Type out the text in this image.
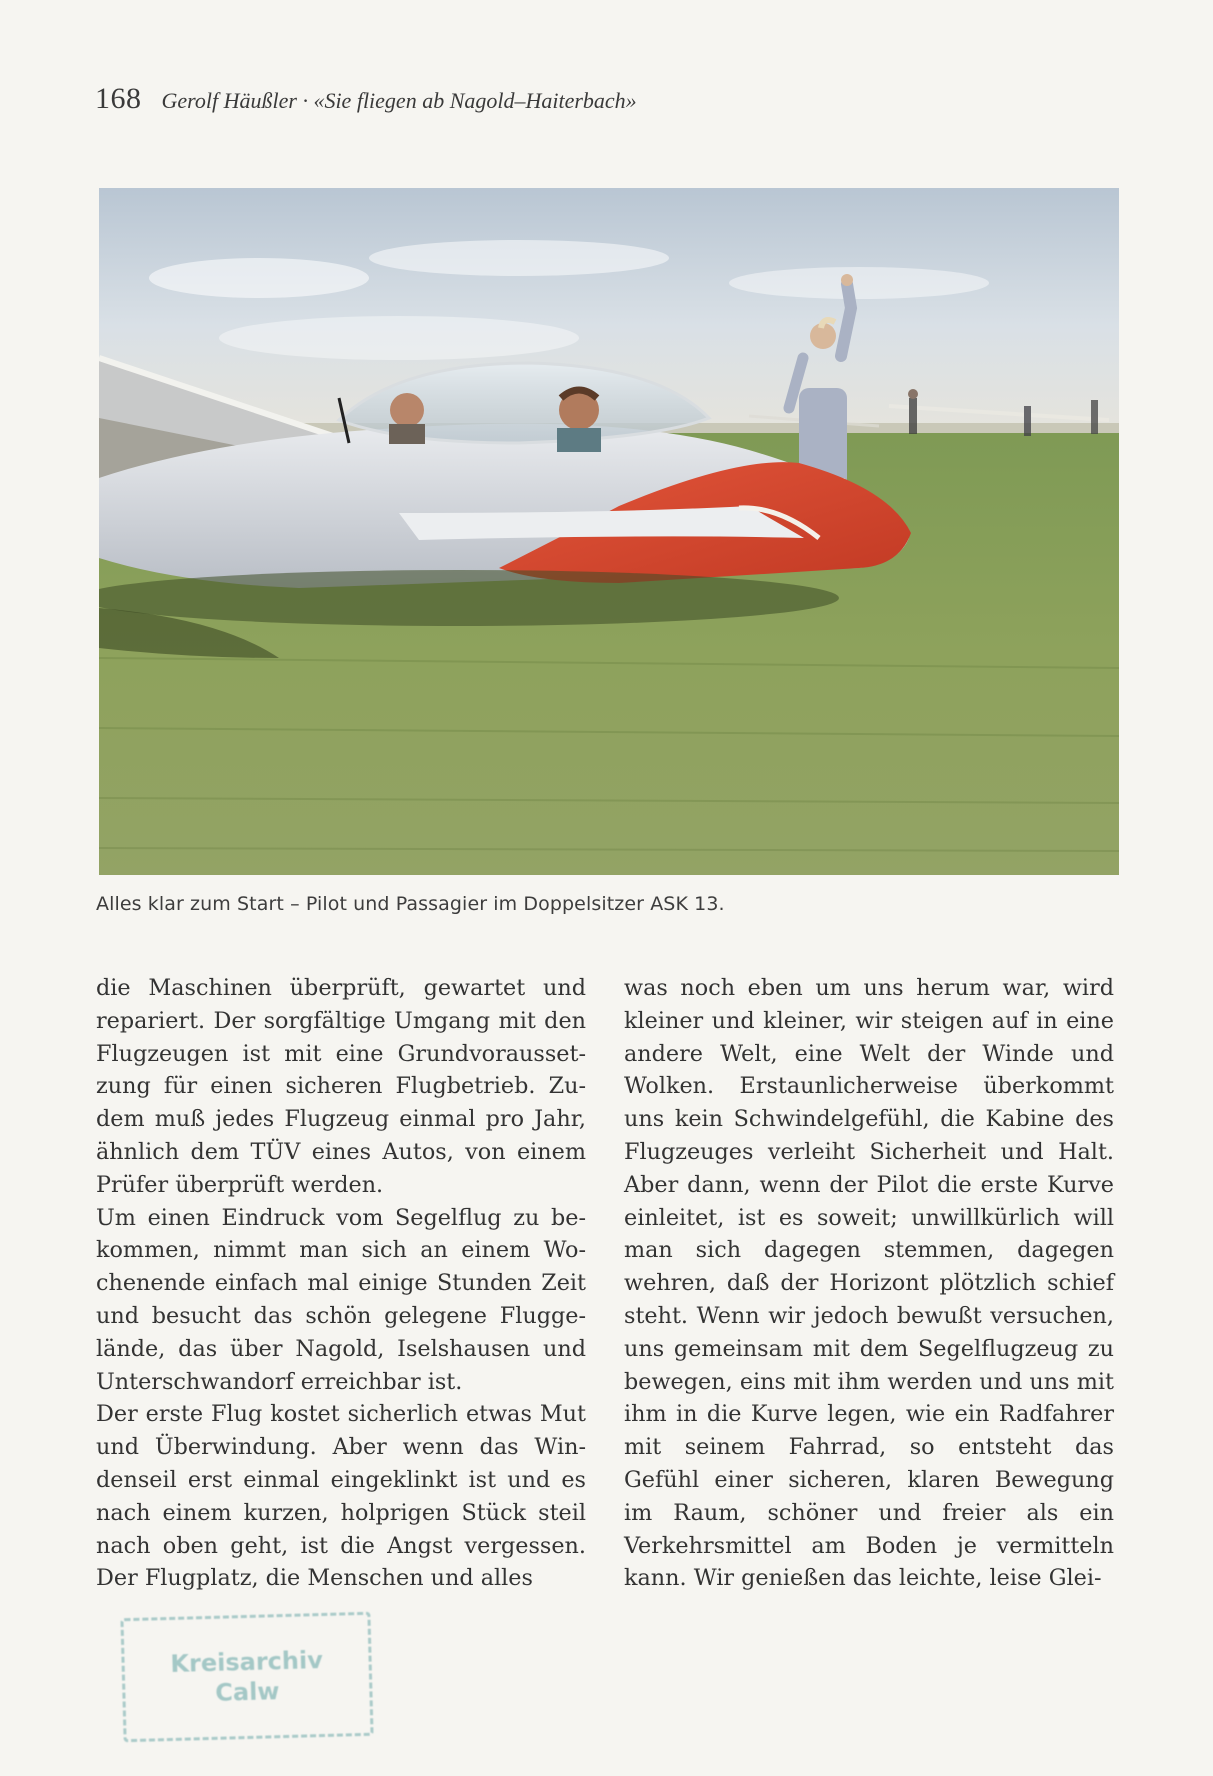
168 Gerolf Häußler · «Sie fliegen ab Nagold–Haiterbach»
Alles klar zum Start – Pilot und Passagier im Doppelsitzer ASK 13.

die Maschinen überprüft, gewartet und repariert. Der sorgfältige Umgang mit den Flugzeugen ist mit eine Grundvoraussetzung für einen sicheren Flugbetrieb. Zudem muß jedes Flugzeug einmal pro Jahr, ähnlich dem TÜV eines Autos, von einem Prüfer überprüft werden.

Um einen Eindruck vom Segelflug zu bekommen, nimmt man sich an einem Wochenende einfach mal einige Stunden Zeit und besucht das schön gelegene Fluggelände, das über Nagold, Iselshausen und Unterschwandorf erreichbar ist.

Der erste Flug kostet sicherlich etwas Mut und Überwindung. Aber wenn das Windenseil erst einmal eingeklinkt ist und es nach einem kurzen, holprigen Stück steil nach oben geht, ist die Angst vergessen. Der Flugplatz, die Menschen und alles

was noch eben um uns herum war, wird kleiner und kleiner, wir steigen auf in eine andere Welt, eine Welt der Winde und Wolken. Erstaunlicherweise überkommt uns kein Schwindelgefühl, die Kabine des Flugzeuges verleiht Sicherheit und Halt. Aber dann, wenn der Pilot die erste Kurve einleitet, ist es soweit; unwillkürlich will man sich dagegen stemmen, dagegen wehren, daß der Horizont plötzlich schief steht. Wenn wir jedoch bewußt versuchen, uns gemeinsam mit dem Segelflugzeug zu bewegen, eins mit ihm werden und uns mit ihm in die Kurve legen, wie ein Radfahrer mit seinem Fahrrad, so entsteht das Gefühl einer sicheren, klaren Bewegung im Raum, schöner und freier als ein Verkehrsmittel am Boden je vermitteln kann. Wir genießen das leichte, leise Glei-

Kreisarchiv
Calw
